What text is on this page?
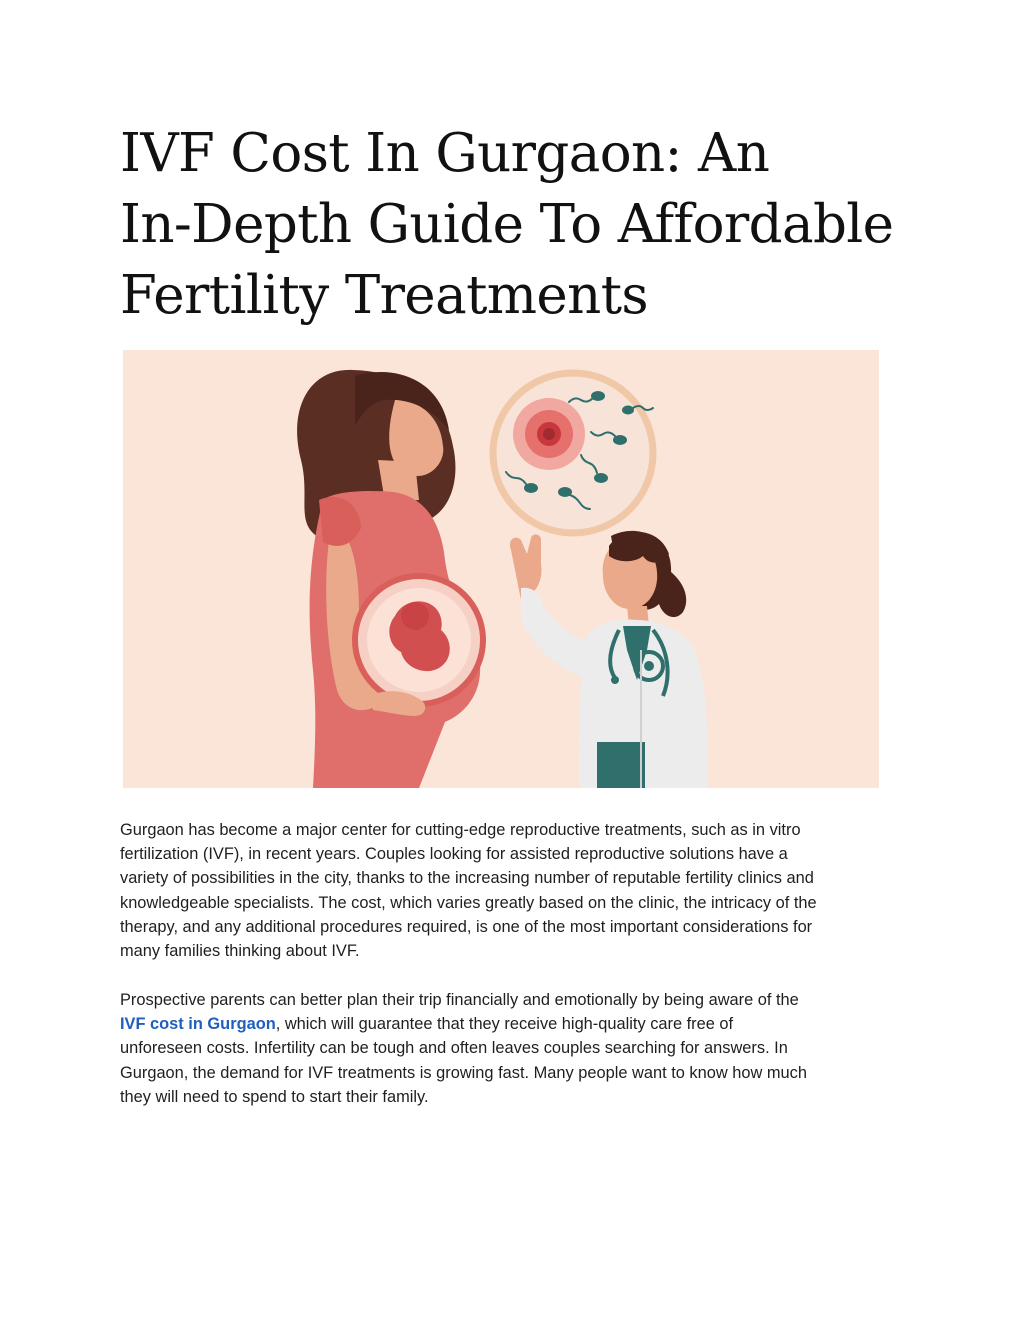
IVF Cost In Gurgaon: An
In-Depth Guide To Affordable
Fertility Treatments

Gurgaon has become a major center for cutting-edge reproductive treatments, such as in vitro
fertilization (IVF), in recent years. Couples looking for assisted reproductive solutions have a
variety of possibilities in the city, thanks to the increasing number of reputable fertility clinics and
knowledgeable specialists. The cost, which varies greatly based on the clinic, the intricacy of the
therapy, and any additional procedures required, is one of the most important considerations for
many families thinking about IVF.

Prospective parents can better plan their trip financially and emotionally by being aware of the
IVF cost in Gurgaon, which will guarantee that they receive high-quality care free of
unforeseen costs. Infertility can be tough and often leaves couples searching for answers. In
Gurgaon, the demand for IVF treatments is growing fast. Many people want to know how much
they will need to spend to start their family.
